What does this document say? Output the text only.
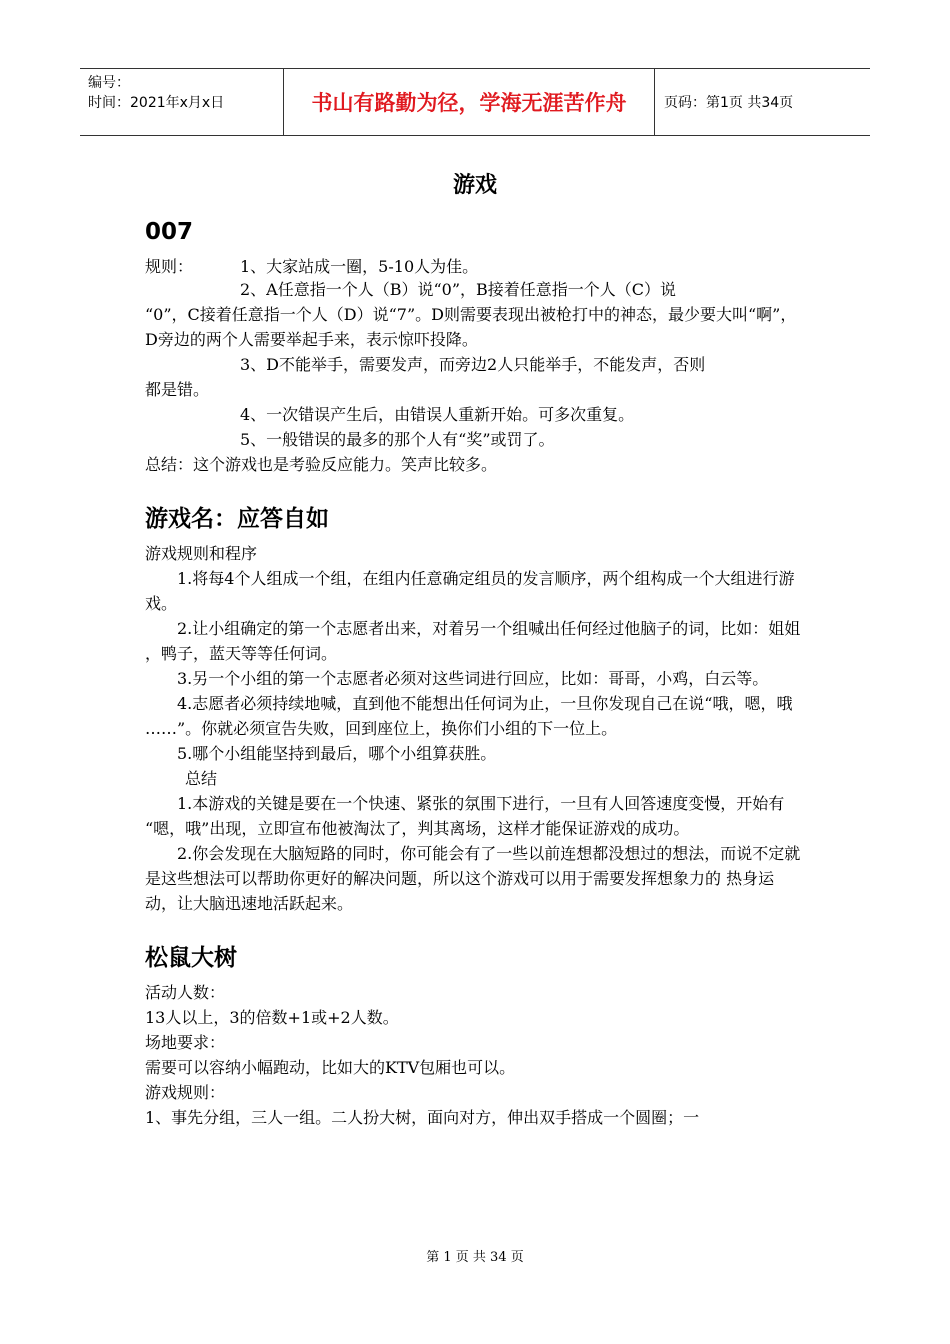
编号：
时间：2021年x月x日	书山有路勤为径，学海无涯苦作舟	页码：第1页 共34页
游戏
007
规则：	1、大家站成一圈，5-10人为佳。

2、A任意指一个人（B）说“0”，B接着任意指一个人（C）说

“0”，C接着任意指一个人（D）说“7”。D则需要表现出被枪打中的神态，最少要大叫“啊”，D旁边的两个人需要举起手来，表示惊吓投降。

3、D不能举手，需要发声，而旁边2人只能举手，不能发声，否则

都是错。

4、一次错误产生后，由错误人重新开始。可多次重复。

5、一般错误的最多的那个人有“奖”或罚了。

总结：这个游戏也是考验反应能力。笑声比较多。

游戏名：应答自如

游戏规则和程序

1.将每4个人组成一个组，在组内任意确定组员的发言顺序，两个组构成一个大组进行游戏。

2.让小组确定的第一个志愿者出来，对着另一个组喊出任何经过他脑子的词，比如：姐姐 ，鸭子，蓝天等等任何词。

3.另一个小组的第一个志愿者必须对这些词进行回应，比如：哥哥，小鸡，白云等。

4.志愿者必须持续地喊，直到他不能想出任何词为止，一旦你发现自己在说“哦，嗯，哦 ……”。你就必须宣告失败，回到座位上，换你们小组的下一位上。

5.哪个小组能坚持到最后，哪个小组算获胜。

总结

1.本游戏的关键是要在一个快速、紧张的氛围下进行，一旦有人回答速度变慢，开始有 “嗯，哦”出现，立即宣布他被淘汰了，判其离场，这样才能保证游戏的成功。

2.你会发现在大脑短路的同时，你可能会有了一些以前连想都没想过的想法，而说不定就是这些想法可以帮助你更好的解决问题，所以这个游戏可以用于需要发挥想象力的 热身运动，让大脑迅速地活跃起来。

松鼠大树

活动人数：

13人以上，3的倍数+1或+2人数。

场地要求：

需要可以容纳小幅跑动，比如大的KTV包厢也可以。

游戏规则：

1、事先分组，三人一组。二人扮大树，面向对方，伸出双手搭成一个圆圈；一

第 1 页 共 34 页
